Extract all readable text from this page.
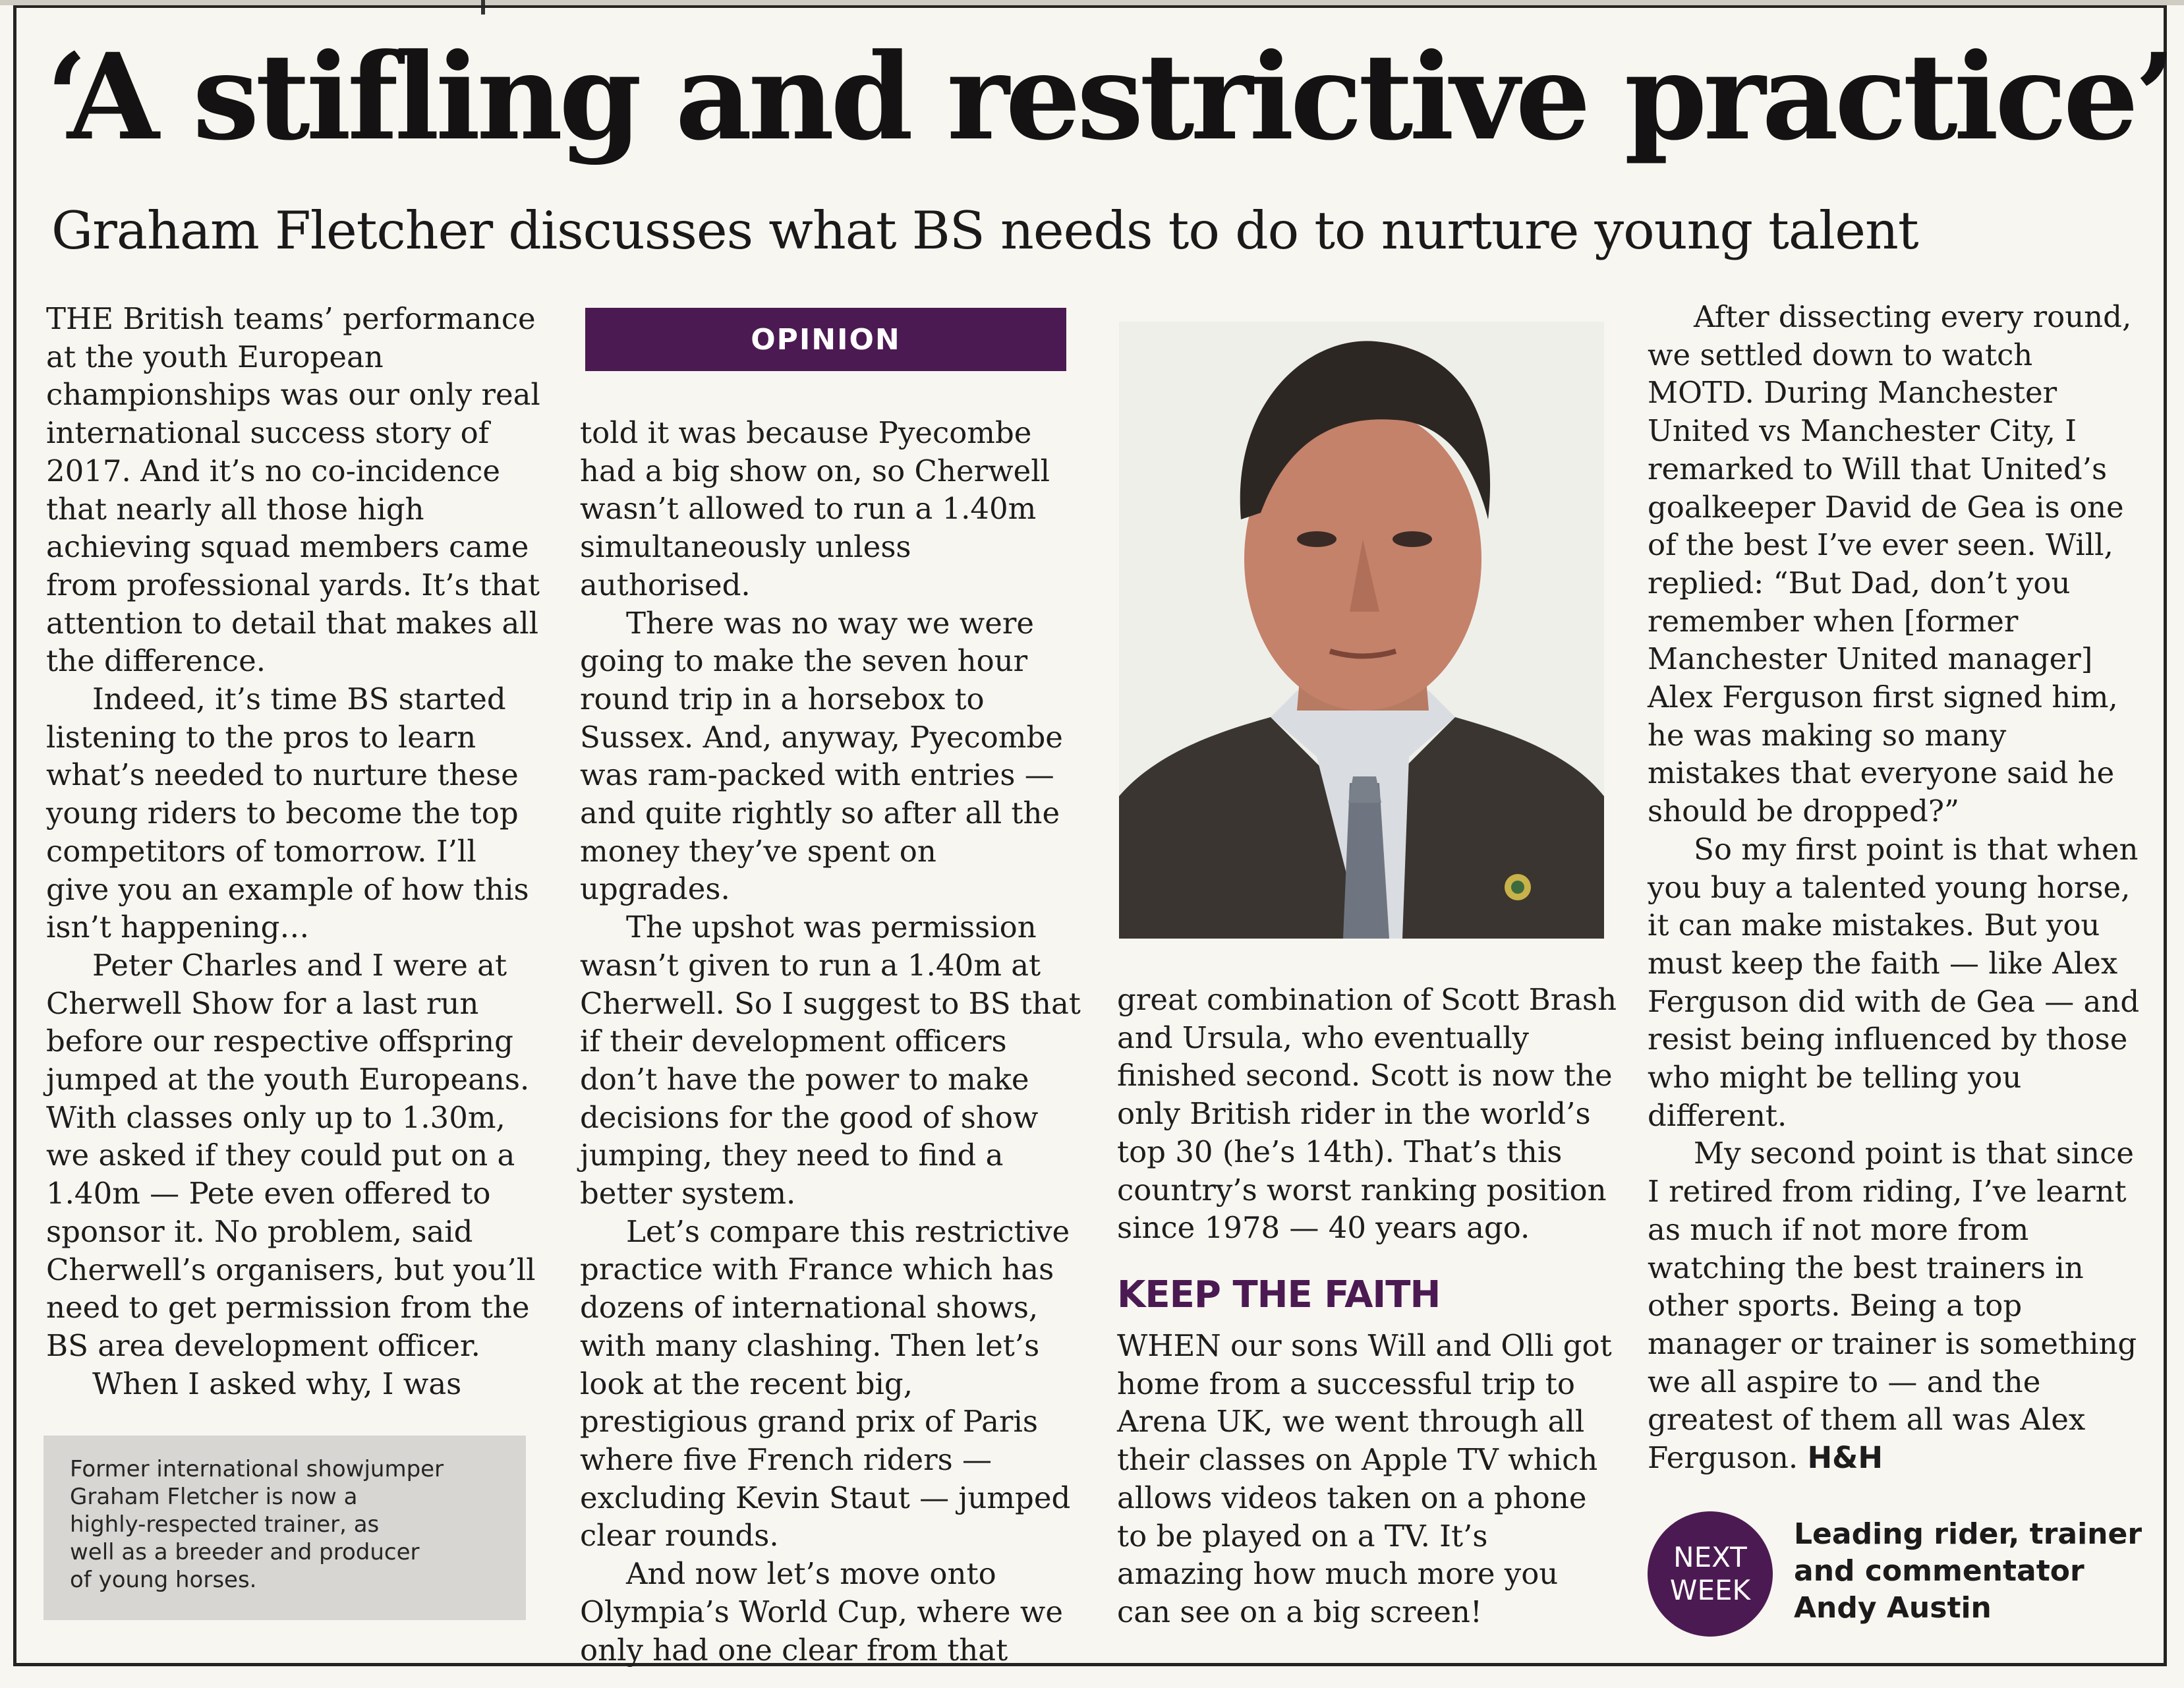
‘A stifling and restrictive practice’
Graham Fletcher discusses what BS needs to do to nurture young talent

THE British teams’ performance at the youth European championships was our only real international success story of 2017. And it’s no co-incidence that nearly all those high achieving squad members came from professional yards. It’s that attention to detail that makes all the difference.

Indeed, it’s time BS started listening to the pros to learn what’s needed to nurture these young riders to become the top competitors of tomorrow. I’ll give you an example of how this isn’t happening…

Peter Charles and I were at Cherwell Show for a last run before our respective offspring jumped at the youth Europeans. With classes only up to 1.30m, we asked if they could put on a 1.40m — Pete even offered to sponsor it. No problem, said Cherwell’s organisers, but you’ll need to get permission from the BS area development officer.

When I asked why, I was

Former international showjumper
Graham Fletcher is now a
highly-respected trainer, as
well as a breeder and producer
of young horses.
OPINION

told it was because Pyecombe had a big show on, so Cherwell wasn’t allowed to run a 1.40m simultaneously unless authorised.

There was no way we were going to make the seven hour round trip in a horsebox to Sussex. And, anyway, Pyecombe was ram-packed with entries — and quite rightly so after all the money they’ve spent on upgrades.

The upshot was permission wasn’t given to run a 1.40m at Cherwell. So I suggest to BS that if their development officers don’t have the power to make decisions for the good of show jumping, they need to find a better system.

Let’s compare this restrictive practice with France which has dozens of international shows, with many clashing. Then let’s look at the recent big, prestigious grand prix of Paris where five French riders — excluding Kevin Staut — jumped clear rounds.

And now let’s move onto Olympia’s World Cup, where we only had one clear from that

great combination of Scott Brash and Ursula, who eventually finished second. Scott is now the only British rider in the world’s top 30 (he’s 14th). That’s this country’s worst ranking position since 1978 — 40 years ago.

KEEP THE FAITH

WHEN our sons Will and Olli got home from a successful trip to Arena UK, we went through all their classes on Apple TV which allows videos taken on a phone to be played on a TV. It’s amazing how much more you can see on a big screen!

After dissecting every round, we settled down to watch MOTD. During Manchester United vs Manchester City, I remarked to Will that United’s goalkeeper David de Gea is one of the best I’ve ever seen. Will, replied: “But Dad, don’t you remember when [former Manchester United manager] Alex Ferguson first signed him, he was making so many mistakes that everyone said he should be dropped?”

So my first point is that when you buy a talented young horse, it can make mistakes. But you must keep the faith — like Alex Ferguson did with de Gea — and resist being influenced by those who might be telling you different.

My second point is that since I retired from riding, I’ve learnt as much if not more from watching the best trainers in other sports. Being a top manager or trainer is something we all aspire to — and the greatest of them all was Alex Ferguson. H&H

NEXT
WEEK
Leading rider, trainer
and commentator
Andy Austin
